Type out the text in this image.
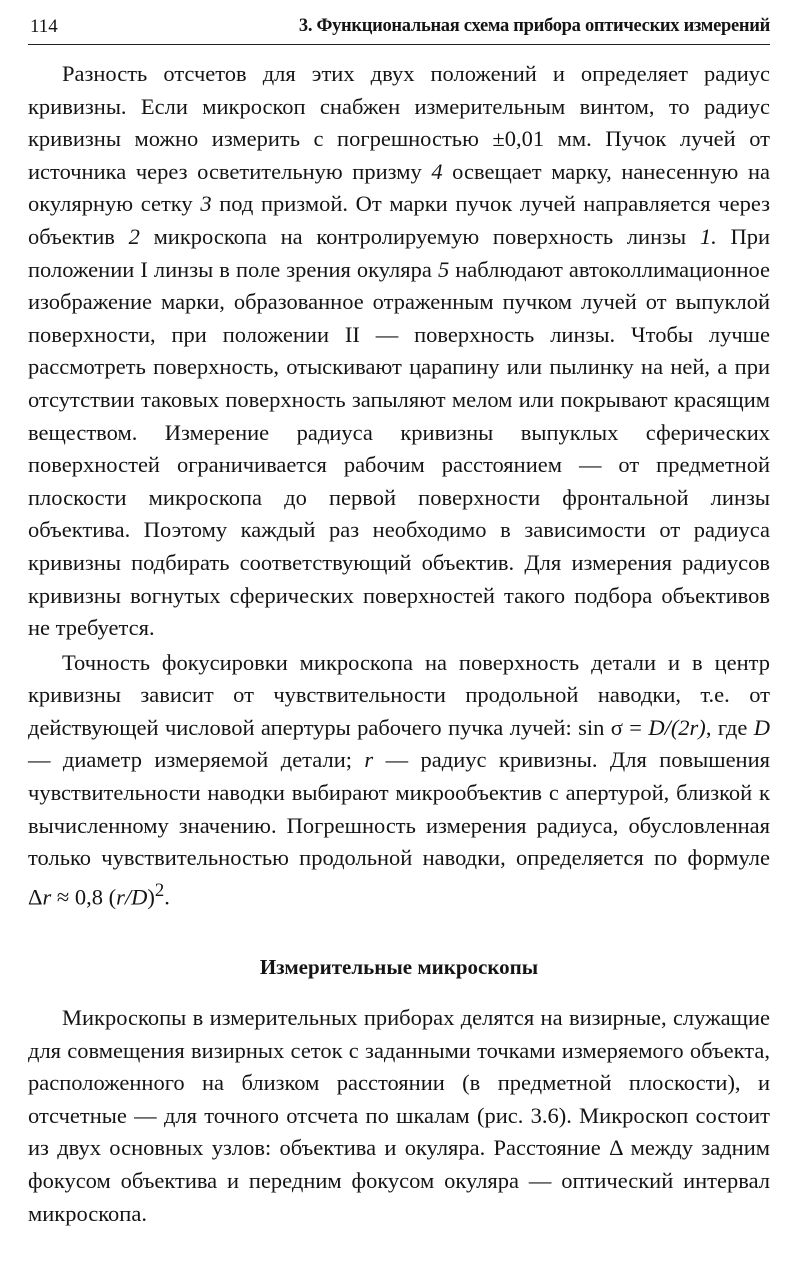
114	3. Функциональная схема прибора оптических измерений

Разность отсчетов для этих двух положений и определяет радиус кривизны. Если микроскоп снабжен измерительным винтом, то радиус кривизны можно измерить с погрешностью ±0,01 мм. Пучок лучей от источника через осветительную призму 4 освещает марку, нанесенную на окулярную сетку 3 под призмой. От марки пучок лучей направляется через объектив 2 микроскопа на контролируемую поверхность линзы 1. При положении I линзы в поле зрения окуляра 5 наблюдают автоколлимационное изображение марки, образованное отраженным пучком лучей от выпуклой поверхности, при положении II — поверхность линзы. Чтобы лучше рассмотреть поверхность, отыскивают царапину или пылинку на ней, а при отсутствии таковых поверхность запыляют мелом или покрывают красящим веществом. Измерение радиуса кривизны выпуклых сферических поверхностей ограничивается рабочим расстоянием — от предметной плоскости микроскопа до первой поверхности фронтальной линзы объектива. Поэтому каждый раз необходимо в зависимости от радиуса кривизны подбирать соответствующий объектив. Для измерения радиусов кривизны вогнутых сферических поверхностей такого подбора объективов не требуется.

Точность фокусировки микроскопа на поверхность детали и в центр кривизны зависит от чувствительности продольной наводки, т.е. от действующей числовой апертуры рабочего пучка лучей: sin σ = D/(2r), где D — диаметр измеряемой детали; r — радиус кривизны. Для повышения чувствительности наводки выбирают микрообъектив с апертурой, близкой к вычисленному значению. Погрешность измерения радиуса, обусловленная только чувствительностью продольной наводки, определяется по формуле Δr ≈ 0,8 $(r/D)^2$.

Измерительные микроскопы

Микроскопы в измерительных приборах делятся на визирные, служащие для совмещения визирных сеток с заданными точками измеряемого объекта, расположенного на близком расстоянии (в предметной плоскости), и отсчетные — для точного отсчета по шкалам (рис. 3.6). Микроскоп состоит из двух основных узлов: объектива и окуляра. Расстояние Δ между задним фокусом объектива и передним фокусом окуляра — оптический интервал микроскопа.
